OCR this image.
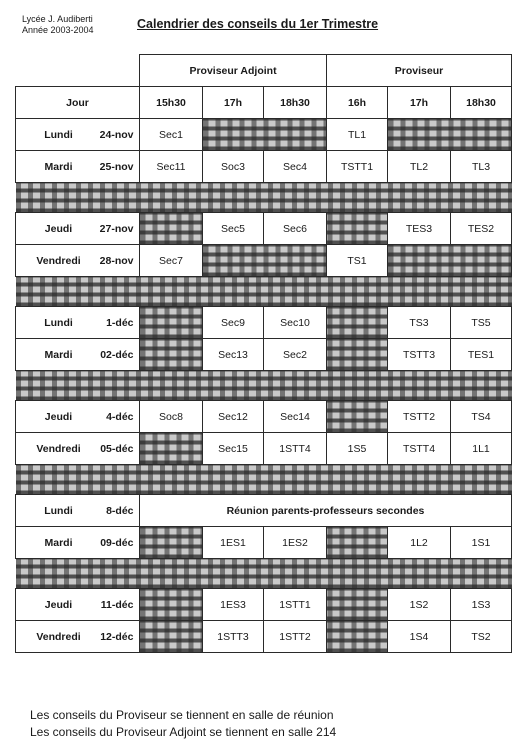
Lycée J. Audiberti
Année 2003-2004	Calendrier des conseils du 1er Trimestre
	Proviseur Adjoint			Proviseur		
Jour	15h30	17h	18h30	16h	17h	18h30
Lundi 24-nov	Sec1			TL1		
Mardi 25-nov	Sec11	Soc3	Sec4	TSTT1	TL2	TL3

Jeudi 27-nov		Sec5	Sec6		TES3	TES2
Vendredi 28-nov	Sec7			TS1		

Lundi 1-déc		Sec9	Sec10		TS3	TS5
Mardi 02-déc		Sec13	Sec2		TSTT3	TES1

Jeudi 4-déc	Soc8	Sec12	Sec14		TSTT2	TS4
Vendredi 05-déc		Sec15	1STT4	1S5	TSTT4	1L1

Lundi 8-déc	Réunion parents-professeurs secondes					
Mardi 09-déc		1ES1	1ES2		1L2	1S1

Jeudi 11-déc		1ES3	1STT1		1S2	1S3
Vendredi 12-déc		1STT3	1STT2		1S4	TS2
Les conseils du Proviseur se tiennent en salle de réunion
Les conseils du Proviseur Adjoint se tiennent en salle 214
